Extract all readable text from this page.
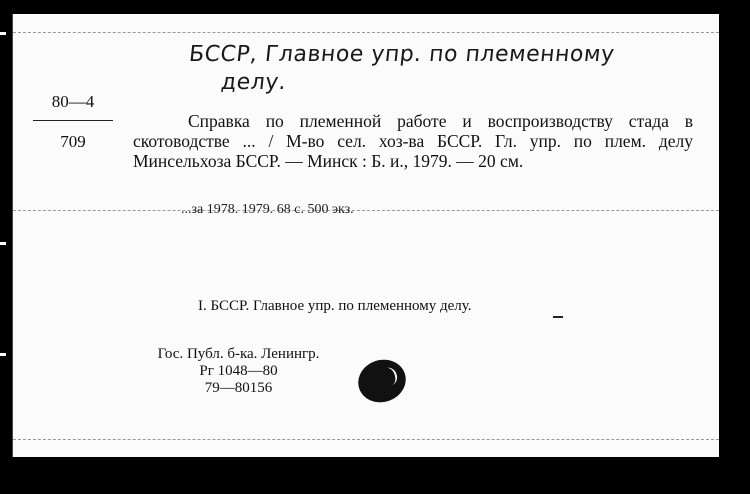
БССР, Главное упр. по племенному
делу.
80—4
709
Справка по племенной работе и воспроизводству стада в скотоводстве ... / М-во сел. хоз-ва БССР. Гл. упр. по плем. делу Минсельхоза БССР. — Минск : Б. и., 1979. — 20 см.
...за 1978. 1979. 68 с. 500 экз.
I. БССР. Главное упр. по племенному делу.
Гос. Публ. б-ка. Ленингр.
Рг 1048—80
79—80156
